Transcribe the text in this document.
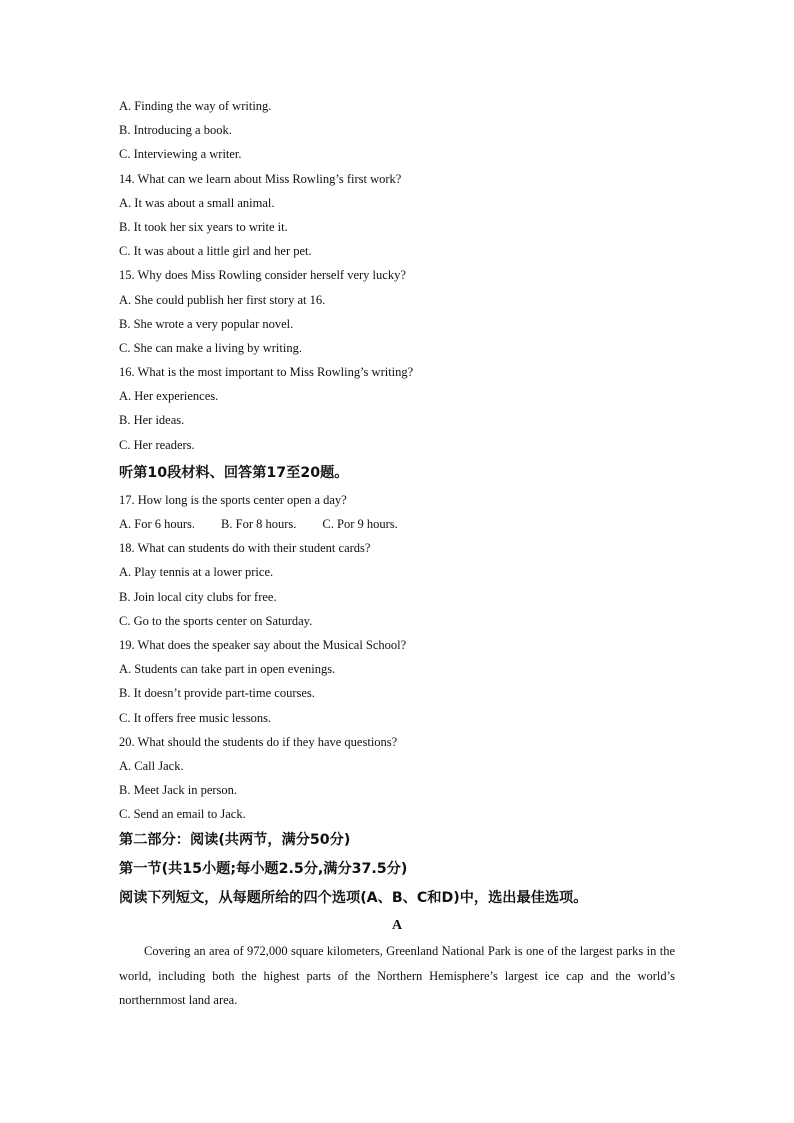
A. Finding the way of writing.
B. Introducing a book.
C. Interviewing a writer.
14. What can we learn about Miss Rowling’s first work?
A. It was about a small animal.
B. It took her six years to write it.
C. It was about a little girl and her pet.
15. Why does Miss Rowling consider herself very lucky?
A. She could publish her first story at 16.
B. She wrote a very popular novel.
C. She can make a living by writing.
16. What is the most important to Miss Rowling’s writing?
A. Her experiences.
B. Her ideas.
C. Her readers.
听第10段材料、回答第17至20题。
17. How long is the sports center open a day?
A. For 6 hours. B. For 8 hours. C. Por 9 hours.
18. What can students do with their student cards?
A. Play tennis at a lower price.
B. Join local city clubs for free.
C. Go to the sports center on Saturday.
19. What does the speaker say about the Musical School?
A. Students can take part in open evenings.
B. It doesn’t provide part-time courses.
C. It offers free music lessons.
20. What should the students do if they have questions?
A. Call Jack.
B. Meet Jack in person.
C. Send an email to Jack.
第二部分：阅读(共两节，满分50分)
第一节(共15小题;每小题2.5分,满分37.5分)
阅读下列短文，从每题所给的四个选项(A、B、C和D)中，选出最佳选项。
A
Covering an area of 972,000 square kilometers, Greenland National Park is one of the largest parks in the world, including both the highest parts of the Northern Hemisphere’s largest ice cap and the world’s northernmost land area.
